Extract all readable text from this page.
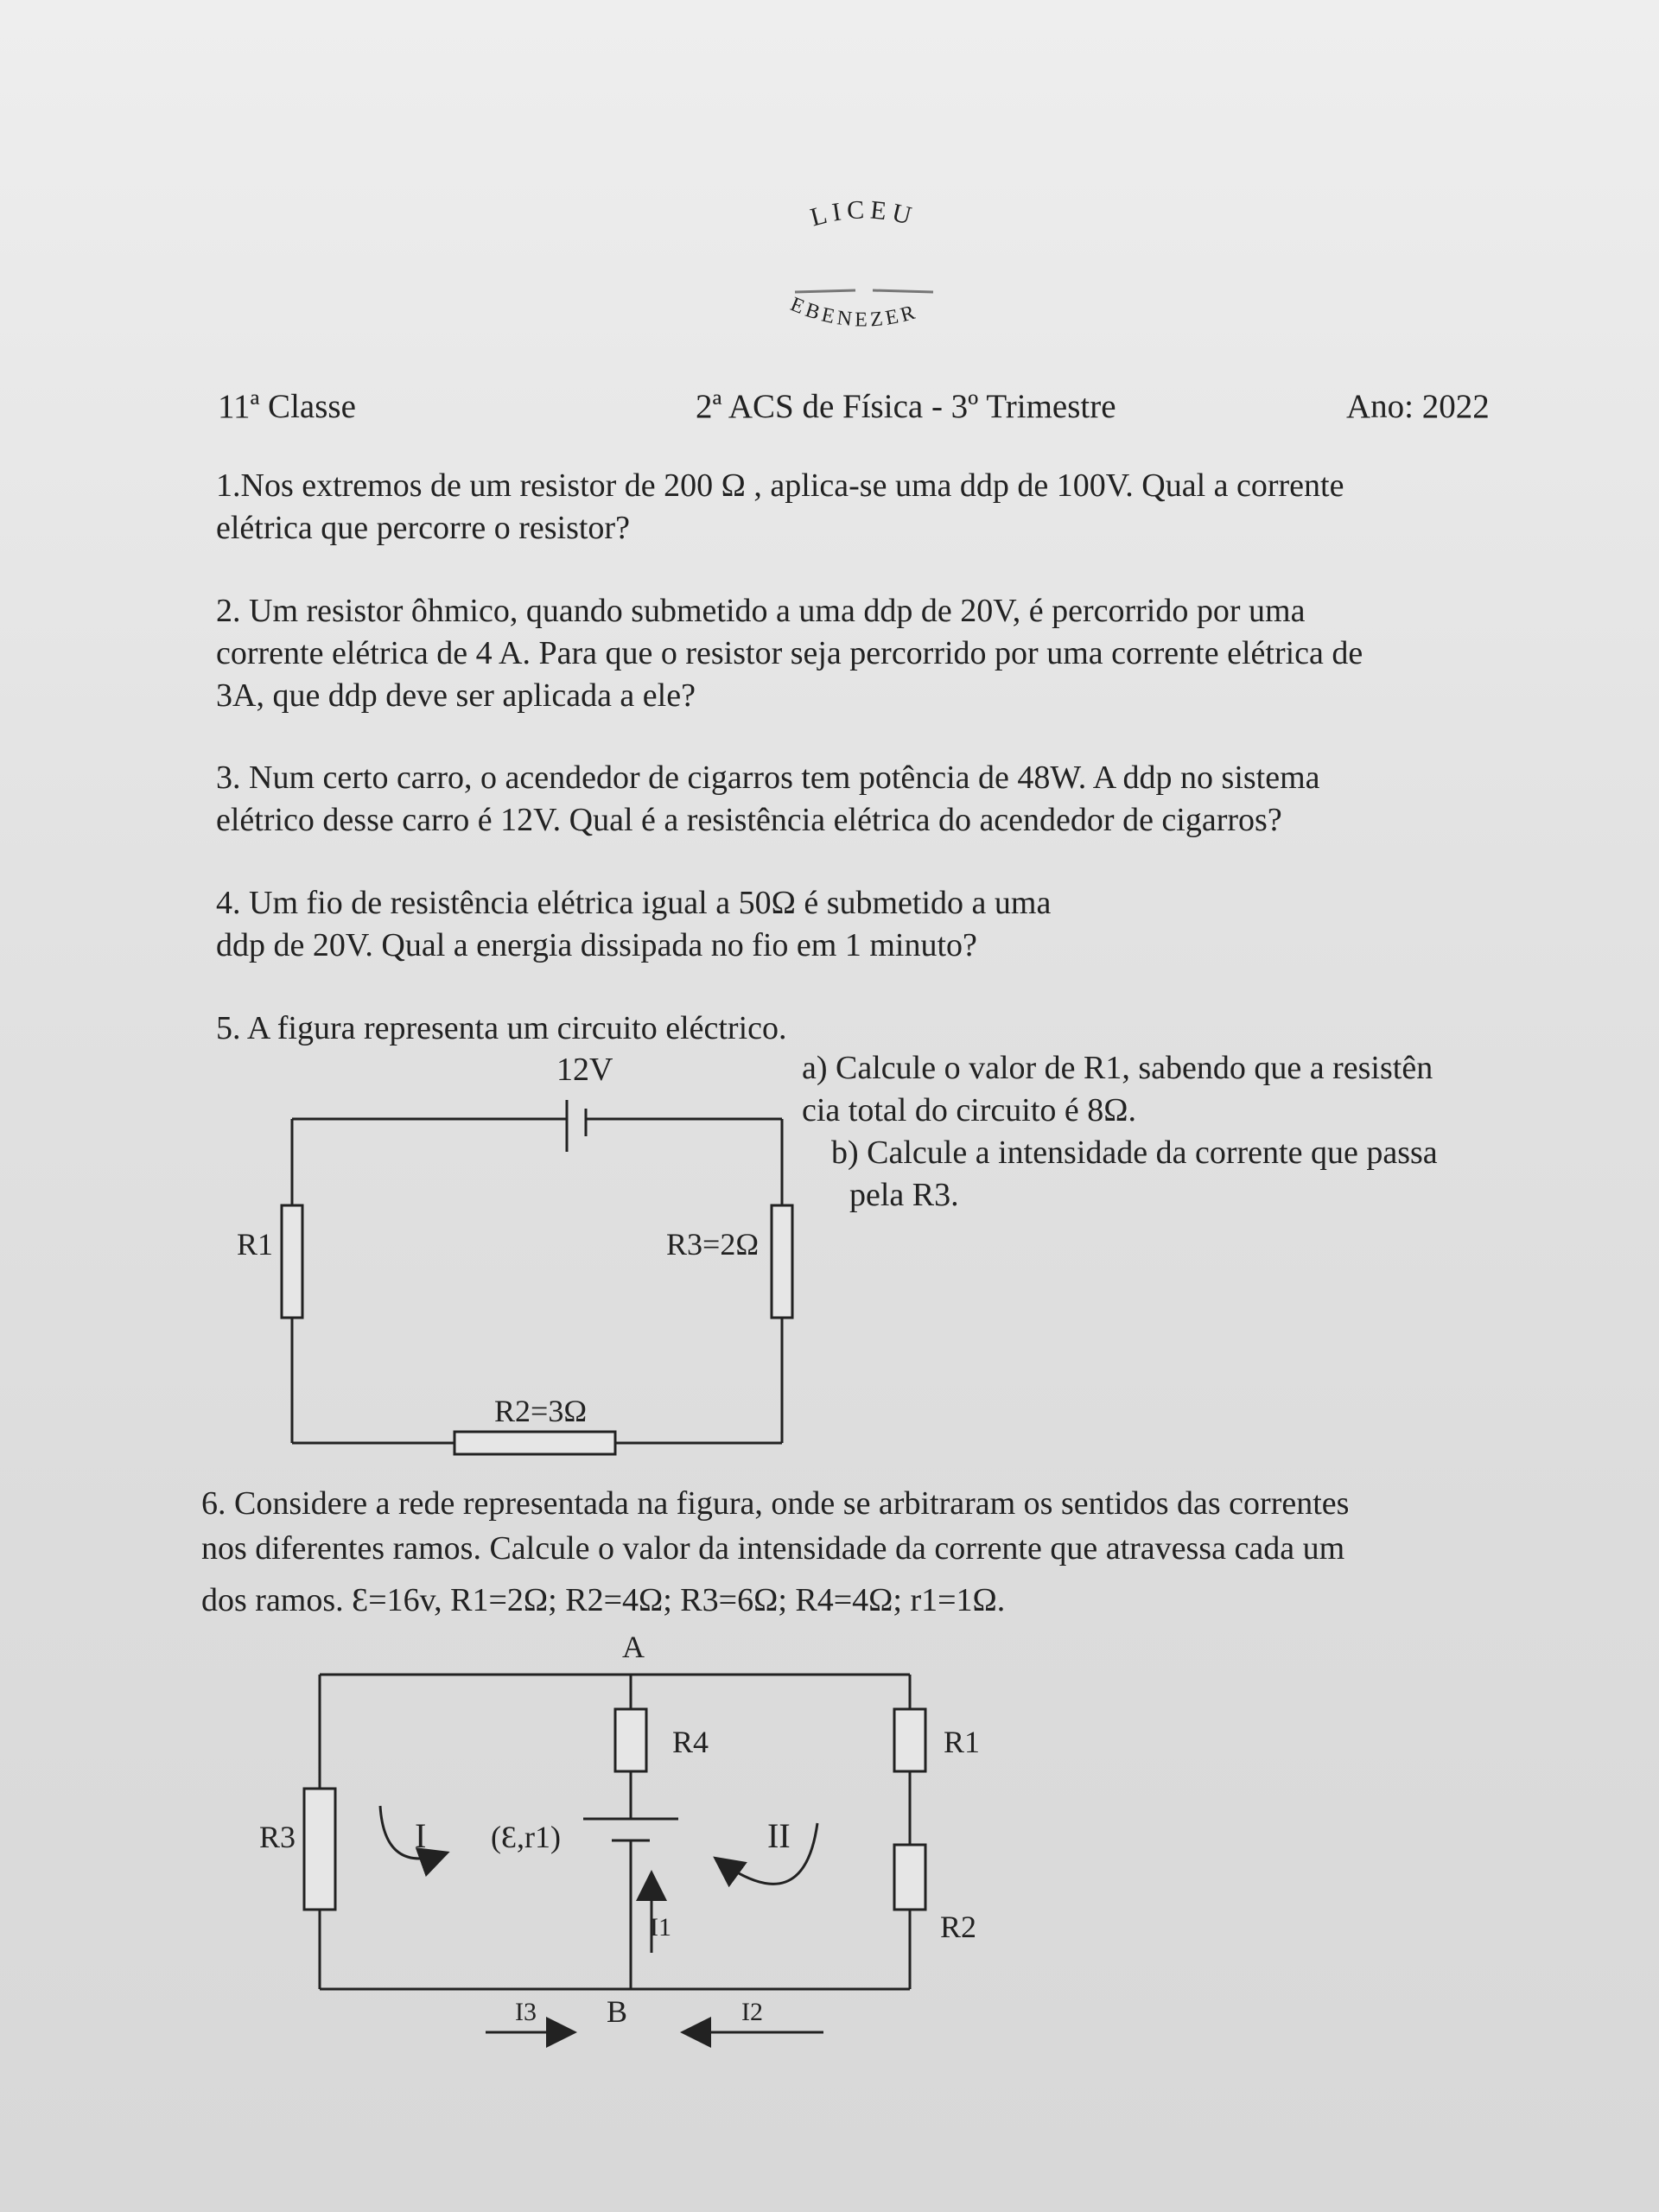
LICEU
EBENEZER
11ª Classe	2ª ACS de Física - 3º Trimestre	Ano: 2022

1.Nos extremos de um resistor de 200 Ω , aplica-se uma ddp de 100V. Qual a corrente

elétrica que percorre o resistor?

2. Um resistor ôhmico, quando submetido a uma ddp de 20V, é percorrido por uma

corrente elétrica de 4 A. Para que o resistor seja percorrido por uma corrente elétrica de

3A, que ddp deve ser aplicada a ele?

3. Num certo carro, o acendedor de cigarros tem potência de 48W. A ddp no sistema

elétrico desse carro é 12V. Qual é a resistência elétrica do acendedor de cigarros?

4. Um fio de resistência elétrica igual a 50Ω é submetido a uma

ddp de 20V. Qual a energia dissipada no fio em 1 minuto?

5. A figura representa um circuito eléctrico.

a) Calcule o valor de R1, sabendo que a resistên

cia total do circuito é 8Ω.

b) Calcule a intensidade da corrente que passa

pela R3.

12V
R1	R3=2Ω
R2=3Ω

6. Considere a rede representada na figura, onde se arbitraram os sentidos das correntes

nos diferentes ramos. Calcule o valor da intensidade da corrente que atravessa cada um

dos ramos. Ɛ=16v, R1=2Ω; R2=4Ω; R3=6Ω; R4=4Ω; r1=1Ω.

A
B
R4	R1
R2
R3	(Ɛ,r1)
I	II
I1
I3	I2
